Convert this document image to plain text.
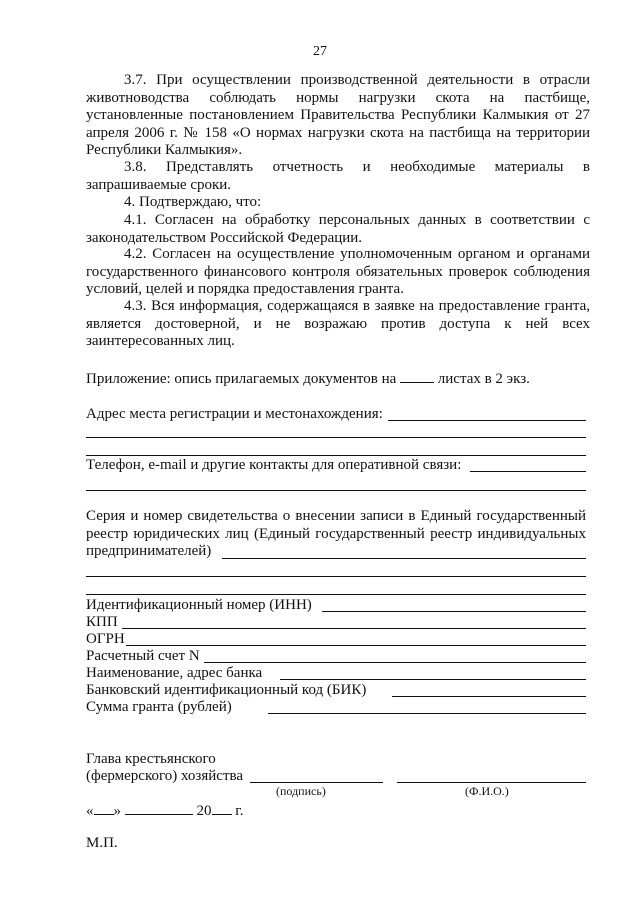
27
3.7. При осуществлении производственной деятельности в отрасли животноводства соблюдать нормы нагрузки скота на пастбище, установленные постановлением Правительства Республики Калмыкия от 27 апреля 2006 г. № 158 «О нормах нагрузки скота на пастбища на территории Республики Калмыкия».
3.8. Представлять отчетность и необходимые материалы в запрашиваемые сроки.
4. Подтверждаю, что:
4.1. Согласен на обработку персональных данных в соответствии с законодательством Российской Федерации.
4.2. Согласен на осуществление уполномоченным органом и органами государственного финансового контроля обязательных проверок соблюдения условий, целей и порядка предоставления гранта.
4.3. Вся информация, содержащаяся в заявке на предоставление гранта, является достоверной, и не возражаю против доступа к ней всех заинтересованных лиц.
Приложение: опись прилагаемых документов на	листах в 2 экз.
Адрес места регистрации и местонахождения:
Телефон, e-mail и другие контакты для оперативной связи:
Серия и номер свидетельства о внесении записи в Единый государственный реестр юридических лиц (Единый государственный реестр индивидуальных предпринимателей)
Идентификационный номер (ИНН)
КПП
ОГРН
Расчетный счет N
Наименование, адрес банка
Банковский идентификационный код (БИК)
Сумма гранта (рублей)
Глава крестьянского
(фермерского) хозяйства
(подпись)	(Ф.И.О.)
« »	20 г.
М.П.
